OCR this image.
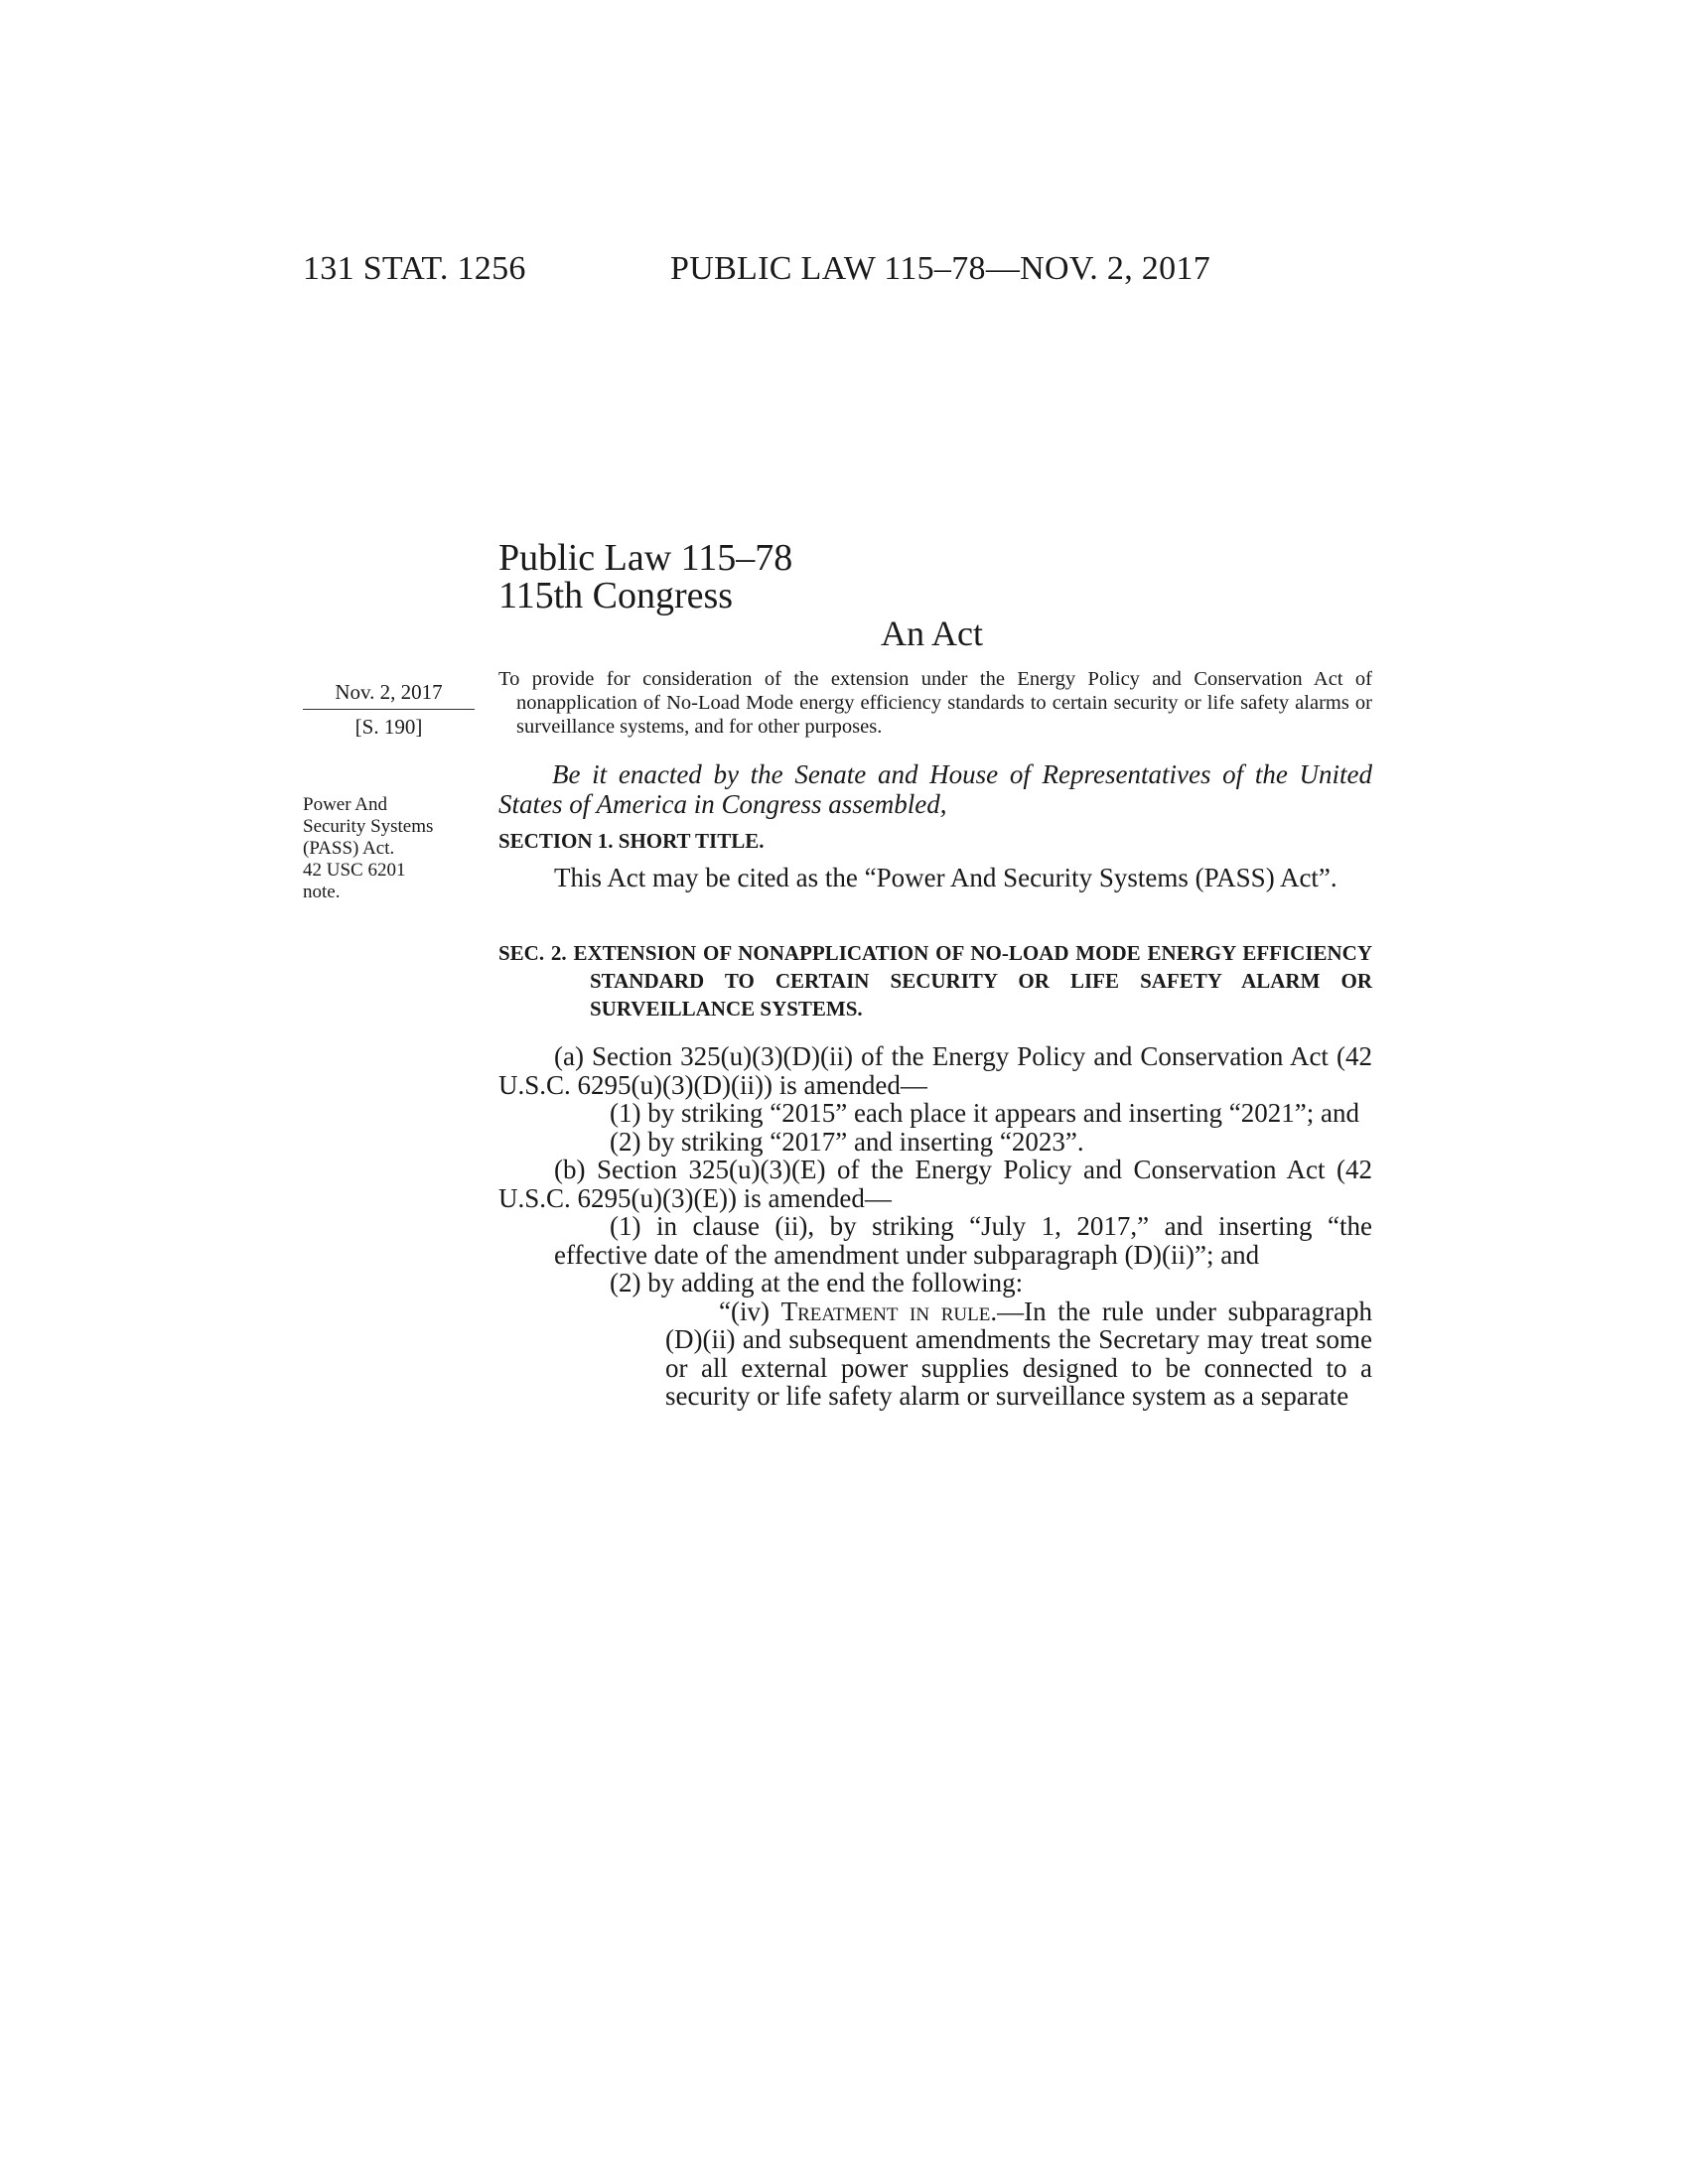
131 STAT. 1256	PUBLIC LAW 115–78—NOV. 2, 2017
Public Law 115–78
115th Congress
An Act
Nov. 2, 2017
[S. 190]
Power And
Security Systems
(PASS) Act.
42 USC 6201
note.
To provide for consideration of the extension under the Energy Policy and Conservation Act of nonapplication of No-Load Mode energy efficiency standards to certain security or life safety alarms or surveillance systems, and for other purposes.
Be it enacted by the Senate and House of Representatives of the United States of America in Congress assembled,
SECTION 1. SHORT TITLE.
This Act may be cited as the “Power And Security Systems (PASS) Act”.
SEC. 2. EXTENSION OF NONAPPLICATION OF NO-LOAD MODE ENERGY EFFICIENCY STANDARD TO CERTAIN SECURITY OR LIFE SAFETY ALARM OR SURVEILLANCE SYSTEMS.

(a) Section 325(u)(3)(D)(ii) of the Energy Policy and Conservation Act (42 U.S.C. 6295(u)(3)(D)(ii)) is amended—

(1) by striking “2015” each place it appears and inserting “2021”; and

(2) by striking “2017” and inserting “2023”.

(b) Section 325(u)(3)(E) of the Energy Policy and Conservation Act (42 U.S.C. 6295(u)(3)(E)) is amended—

(1) in clause (ii), by striking “July 1, 2017,” and inserting “the effective date of the amendment under subparagraph (D)(ii)”; and

(2) by adding at the end the following:

“(iv) Treatment in rule.—In the rule under subparagraph (D)(ii) and subsequent amendments the Secretary may treat some or all external power supplies designed to be connected to a security or life safety alarm or surveillance system as a separate
